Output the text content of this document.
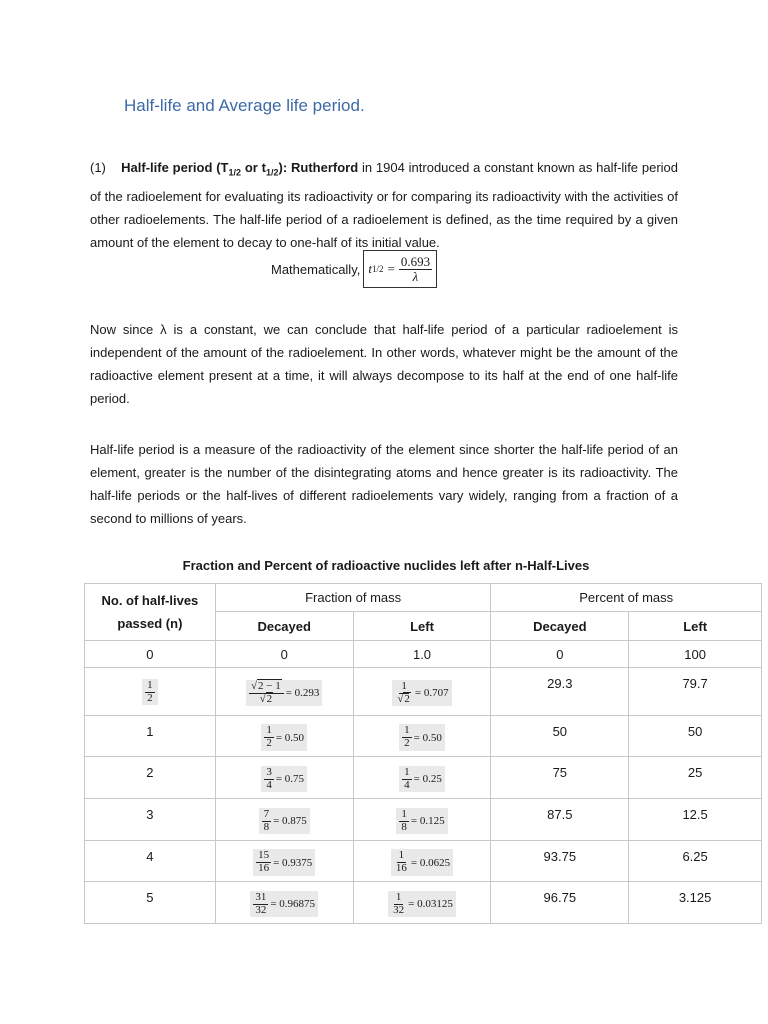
Half-life and Average life period.
(1) Half-life period ($T_{1/2}$ or $t_{1/2}$): Rutherford in 1904 introduced a constant known as half-life period of the radioelement for evaluating its radioactivity or for comparing its radioactivity with the activities of other radioelements. The half-life period of a radioelement is defined, as the time required by a given amount of the element to decay to one-half of its initial value.
Mathematically, t $1/2 = \frac{0.693}{\lambda}$
Now since λ is a constant, we can conclude that half-life period of a particular radioelement is independent of the amount of the radioelement. In other words, whatever might be the amount of the radioactive element present at a time, it will always decompose to its half at the end of one half-life period.
Half-life period is a measure of the radioactivity of the element since shorter the half-life period of an element, greater is the number of the disintegrating atoms and hence greater is its radioactivity. The half-life periods or the half-lives of different radioelements vary widely, ranging from a fraction of a second to millions of years.
Fraction and Percent of radioactive nuclides left after n-Half-Lives
No. of half-lives passed (n)	Fraction of mass		Percent of mass	
	Decayed	Left	Decayed	Left
0	0	1.0	0	100

$\frac{1}{2}$	$\frac{√2 - 1}{√2} = 0.293$	$\frac{1}{√2} = 0.707$	29.3	79.7
1	$\frac{1}{2} = 0.50$	$\frac{1}{2} = 0.50$	50	50
2	$\frac{3}{4} = 0.75$	$\frac{1}{4} = 0.25$	75	25
3	$\frac{7}{8} = 0.875$	$\frac{1}{8} = 0.125$	87.5	12.5
4	$\frac{15}{16} = 0.9375$	$\frac{1}{16} = 0.0625$	93.75	6.25
5	$\frac{31}{32} = 0.96875$	$\frac{1}{32} = 0.03125$	96.75	3.125
